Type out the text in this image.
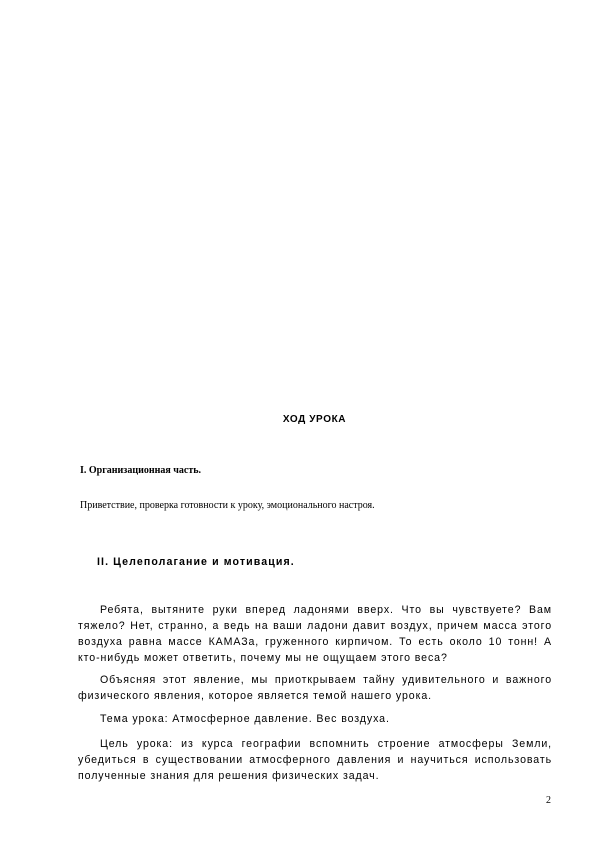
ХОД УРОКА
I. Организационная часть.
Приветствие, проверка готовности к уроку, эмоционального настроя.
II. Целеполагание и мотивация.

Ребята, вытяните руки вперед ладонями вверх. Что вы чувствуете? Вам тяжело? Нет, странно, а ведь на ваши ладони давит воздух, причем масса этого воздуха равна массе КАМАЗа, груженного кирпичом. То есть около 10 тонн! А кто-нибудь может ответить, почему мы не ощущаем этого веса?

Объясняя этот явление, мы приоткрываем тайну удивительного и важного физического явления, которое является темой нашего урока.

Тема урока: Атмосферное давление. Вес воздуха.

Цель урока: из курса географии вспомнить строение атмосферы Земли, убедиться в существовании атмосферного давления и научиться использовать полученные знания для решения физических задач.

2
